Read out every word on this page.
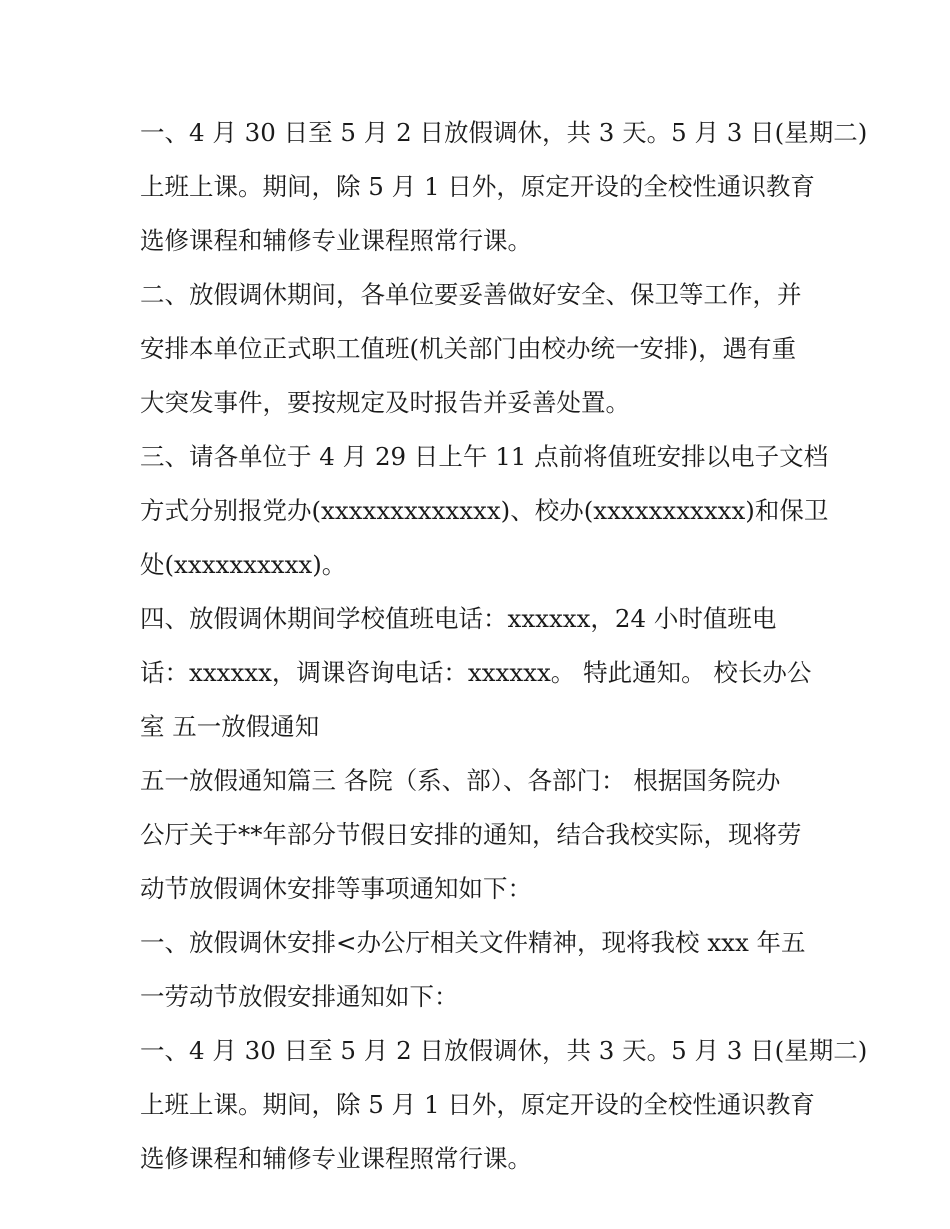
一、4 月 30 日至 5 月 2 日放假调休，共 3 天。5 月 3 日(星期二)
上班上课。期间，除 5 月 1 日外，原定开设的全校性通识教育
选修课程和辅修专业课程照常行课。
二、放假调休期间，各单位要妥善做好安全、保卫等工作，并
安排本单位正式职工值班(机关部门由校办统一安排)，遇有重
大突发事件，要按规定及时报告并妥善处置。
三、请各单位于 4 月 29 日上午 11 点前将值班安排以电子文档
方式分别报党办(xxxxxxxxxxxxx)、校办(xxxxxxxxxxx)和保卫
处(xxxxxxxxxx)。
四、放假调休期间学校值班电话：xxxxxx，24 小时值班电
话：xxxxxx，调课咨询电话：xxxxxx。 特此通知。 校长办公
室 五一放假通知
五一放假通知篇三 各院（系、部）、各部门： 根据国务院办
公厅关于**年部分节假日安排的通知，结合我校实际，现将劳
动节放假调休安排等事项通知如下：
一、放假调休安排<办公厅相关文件精神，现将我校 xxx 年五
一劳动节放假安排通知如下：
一、4 月 30 日至 5 月 2 日放假调休，共 3 天。5 月 3 日(星期二)
上班上课。期间，除 5 月 1 日外，原定开设的全校性通识教育
选修课程和辅修专业课程照常行课。
